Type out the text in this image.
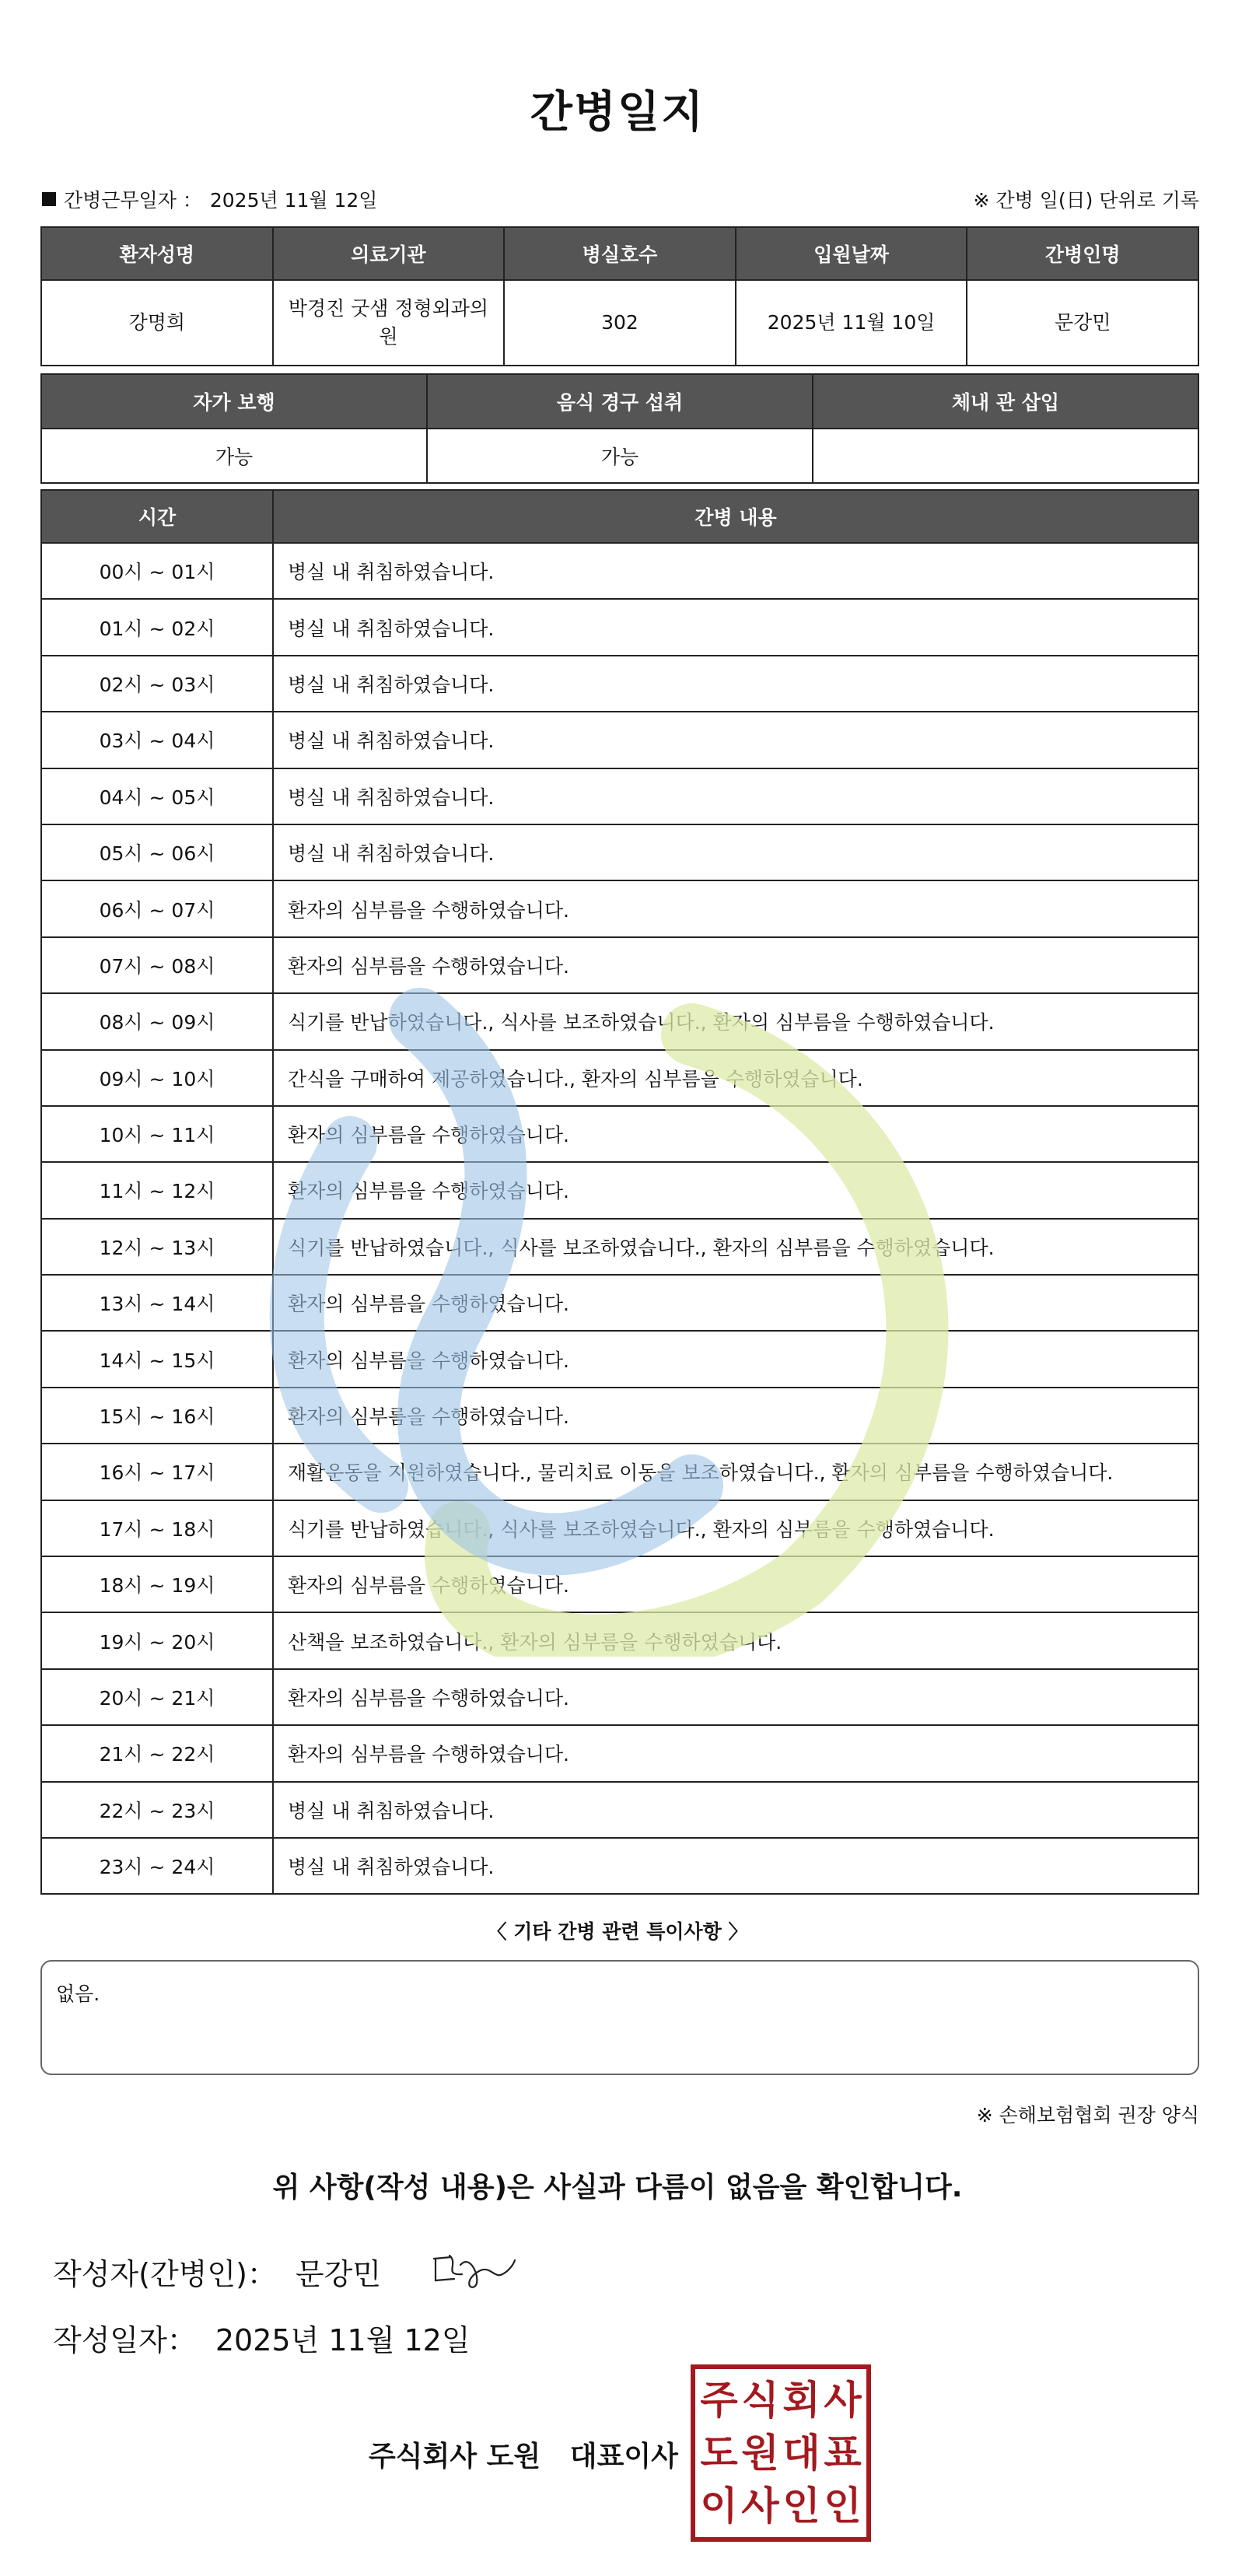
간병일지
간병근무일자 ： 2025년 11월 12일	※ 간병 일(日) 단위로 기록
환자성명	의료기관	병실호수	입원날짜	간병인명
강명희	박경진 굿샘 정형외과의원	302	2025년 11월 10일	문강민
자가 보행	음식 경구 섭취	체내 관 삽입
가능	가능	
시간	간병 내용
00시 ~ 01시	병실 내 취침하였습니다.
01시 ~ 02시	병실 내 취침하였습니다.
02시 ~ 03시	병실 내 취침하였습니다.
03시 ~ 04시	병실 내 취침하였습니다.
04시 ~ 05시	병실 내 취침하였습니다.
05시 ~ 06시	병실 내 취침하였습니다.
06시 ~ 07시	환자의 심부름을 수행하였습니다.
07시 ~ 08시	환자의 심부름을 수행하였습니다.
08시 ~ 09시	식기를 반납하였습니다., 식사를 보조하였습니다., 환자의 심부름을 수행하였습니다.
09시 ~ 10시	간식을 구매하여 제공하였습니다., 환자의 심부름을 수행하였습니다.
10시 ~ 11시	환자의 심부름을 수행하였습니다.
11시 ~ 12시	환자의 심부름을 수행하였습니다.
12시 ~ 13시	식기를 반납하였습니다., 식사를 보조하였습니다., 환자의 심부름을 수행하였습니다.
13시 ~ 14시	환자의 심부름을 수행하였습니다.
14시 ~ 15시	환자의 심부름을 수행하였습니다.
15시 ~ 16시	환자의 심부름을 수행하였습니다.
16시 ~ 17시	재활운동을 지원하였습니다., 물리치료 이동을 보조하였습니다., 환자의 심부름을 수행하였습니다.
17시 ~ 18시	식기를 반납하였습니다., 식사를 보조하였습니다., 환자의 심부름을 수행하였습니다.
18시 ~ 19시	환자의 심부름을 수행하였습니다.
19시 ~ 20시	산책을 보조하였습니다., 환자의 심부름을 수행하였습니다.
20시 ~ 21시	환자의 심부름을 수행하였습니다.
21시 ~ 22시	환자의 심부름을 수행하였습니다.
22시 ~ 23시	병실 내 취침하였습니다.
23시 ~ 24시	병실 내 취침하였습니다.
〈 기타 간병 관련 특이사항 〉
없음.
※ 손해보험협회 권장 양식
위 사항(작성 내용)은 사실과 다름이 없음을 확인합니다.
작성자(간병인)： 문강민
작성일자： 2025년 11월 12일
주식회사 도원   대표이사
주 식 회 사
도 원 대 표
이 사 인 인
